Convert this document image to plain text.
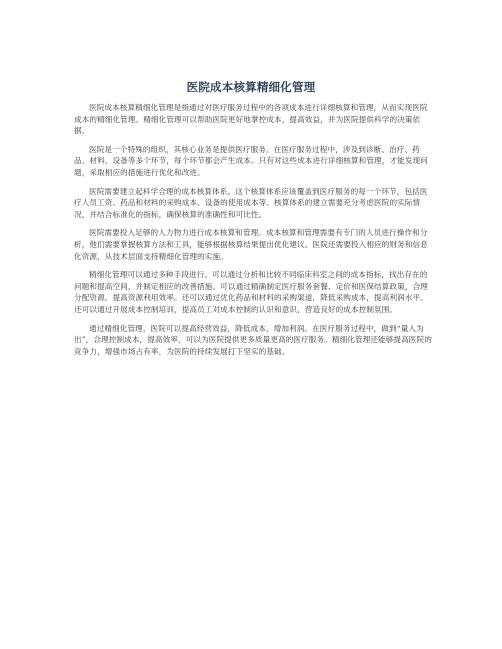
医院成本核算精细化管理

医院成本核算精细化管理是指通过对医疗服务过程中的各项成本进行详细核算和管理，从而实现医院成本的精细化管理。精细化管理可以帮助医院更好地掌控成本，提高效益，并为医院提供科学的决策依据。

医院是一个特殊的组织，其核心业务是提供医疗服务。在医疗服务过程中，涉及到诊断、治疗、药品、材料、设备等多个环节，每个环节都会产生成本。只有对这些成本进行详细核算和管理，才能发现问题，采取相应的措施进行优化和改进。

医院需要建立起科学合理的成本核算体系。这个核算体系应该覆盖到医疗服务的每一个环节，包括医疗人员工资、药品和材料的采购成本、设备的使用成本等。核算体系的建立需要充分考虑医院的实际情况，并结合标准化的指标，确保核算的准确性和可比性。

医院需要投入足够的人力物力进行成本核算和管理。成本核算和管理需要有专门的人员进行操作和分析，他们需要掌握核算方法和工具，能够根据核算结果提出优化建议。医院还需要投入相应的财务和信息化资源，从技术层面支持精细化管理的实施。

精细化管理可以通过多种手段进行。可以通过分析和比较不同临床科室之间的成本指标，找出存在的问题和提高空间，并制定相应的改善措施。可以通过精确制定医疗服务套餐、定价和医保结算政策，合理分配资源，提高资源利用效率。还可以通过优化药品和材料的采购渠道，降低采购成本，提高利润水平。还可以通过开展成本控制培训，提高员工对成本控制的认识和意识，营造良好的成本控制氛围。

通过精细化管理，医院可以提高经营效益，降低成本，增加利润。在医疗服务过程中，做到“量入为出”，合理控制成本，提高效率，可以为医院提供更多质量更高的医疗服务。精细化管理还能够提高医院的竞争力，增强市场占有率，为医院的持续发展打下坚实的基础。
